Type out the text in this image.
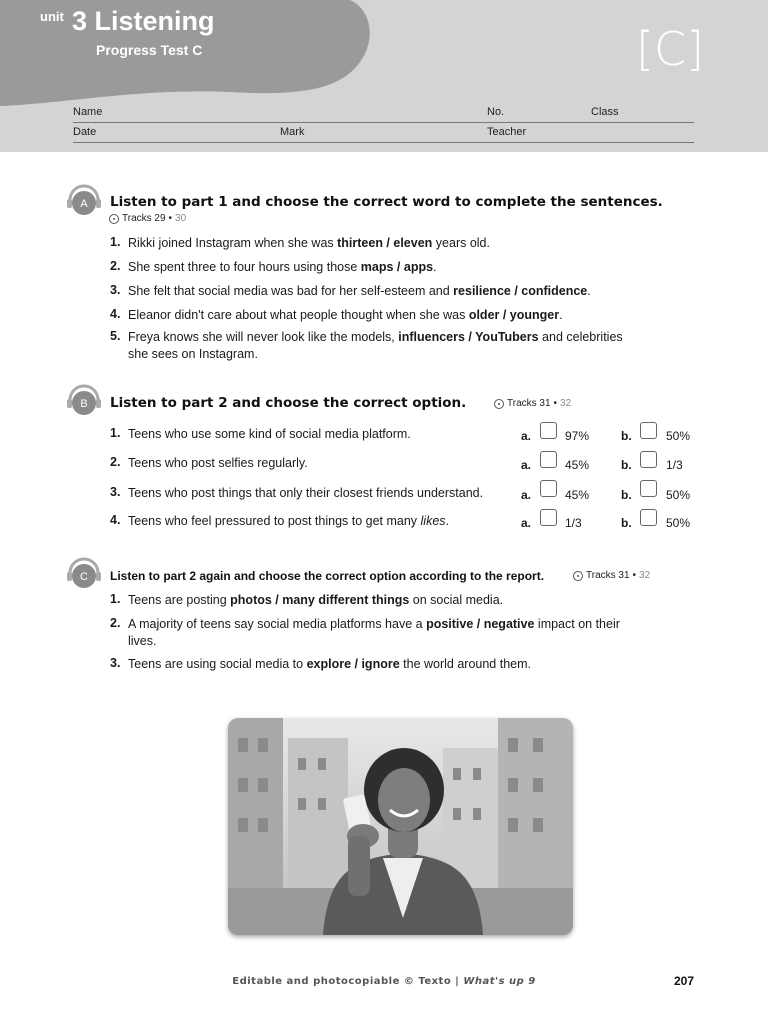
unit 3 Listening
Progress Test C	[C]
Name	No.	Class
Date	Mark	Teacher
A Listen to part 1 and choose the correct word to complete the sentences.
Tracks 29 • 30
1. Rikki joined Instagram when she was thirteen / eleven years old.
2. She spent three to four hours using those maps / apps.
3. She felt that social media was bad for her self-esteem and resilience / confidence.
4. Eleanor didn't care about what people thought when she was older / younger.
5. Freya knows she will never look like the models, influencers / YouTubers and celebrities
she sees on Instagram.
B Listen to part 2 and choose the correct option.	Tracks 31 • 32
1. Teens who use some kind of social media platform.	a.	97%	b.	50%
2. Teens who post selfies regularly.	a.	45%	b.	1/3
3. Teens who post things that only their closest friends understand.	a.	45%	b.	50%
4. Teens who feel pressured to post things to get many likes.	a.	1/3	b.	50%
C Listen to part 2 again and choose the correct option according to the report.	Tracks 31 • 32
1. Teens are posting photos / many different things on social media.
2. A majority of teens say social media platforms have a positive / negative impact on their
lives.
3. Teens are using social media to explore / ignore the world around them.
Editable and photocopiable © Texto | What's up 9	207
